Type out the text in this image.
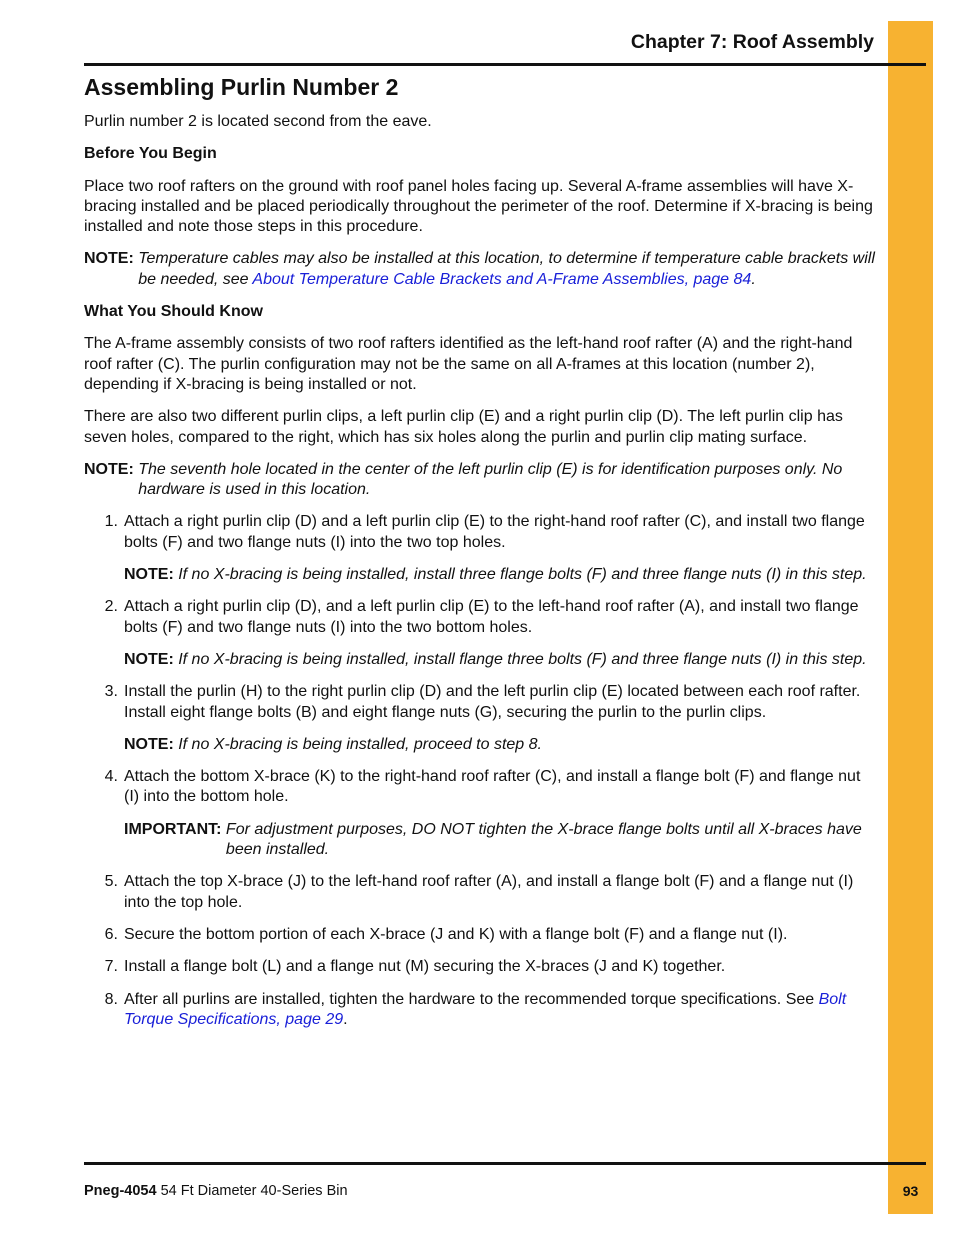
Chapter 7: Roof Assembly
Assembling Purlin Number 2

Purlin number 2 is located second from the eave.

Before You Begin

Place two roof rafters on the ground with roof panel holes facing up. Several A-frame assemblies will have X-bracing installed and be placed periodically throughout the perimeter of the roof. Determine if X-bracing is being installed and note those steps in this procedure.

NOTE: Temperature cables may also be installed at this location, to determine if temperature cable brackets will be needed, see About Temperature Cable Brackets and A-Frame Assemblies, page 84.
What You Should Know

The A-frame assembly consists of two roof rafters identified as the left-hand roof rafter (A) and the right-hand roof rafter (C). The purlin configuration may not be the same on all A-frames at this location (number 2), depending if X-bracing is being installed or not.

There are also two different purlin clips, a left purlin clip (E) and a right purlin clip (D). The left purlin clip has seven holes, compared to the right, which has six holes along the purlin and purlin clip mating surface.

NOTE: The seventh hole located in the center of the left purlin clip (E) is for identification purposes only. No hardware is used in this location.
1. Attach a right purlin clip (D) and a left purlin clip (E) to the right-hand roof rafter (C), and install two flange bolts (F) and two flange nuts (I) into the two top holes.
NOTE: If no X-bracing is being installed, install three flange bolts (F) and three flange nuts (I) in this step.
2. Attach a right purlin clip (D), and a left purlin clip (E) to the left-hand roof rafter (A), and install two flange bolts (F) and two flange nuts (I) into the two bottom holes.
NOTE: If no X-bracing is being installed, install flange three bolts (F) and three flange nuts (I) in this step.
3. Install the purlin (H) to the right purlin clip (D) and the left purlin clip (E) located between each roof rafter. Install eight flange bolts (B) and eight flange nuts (G), securing the purlin to the purlin clips.
NOTE: If no X-bracing is being installed, proceed to step 8.
4. Attach the bottom X-brace (K) to the right-hand roof rafter (C), and install a flange bolt (F) and flange nut (I) into the bottom hole.
IMPORTANT: For adjustment purposes, DO NOT tighten the X-brace flange bolts until all X-braces have been installed.
5. Attach the top X-brace (J) to the left-hand roof rafter (A), and install a flange bolt (F) and a flange nut (I) into the top hole.
6. Secure the bottom portion of each X-brace (J and K) with a flange bolt (F) and a flange nut (I).
7. Install a flange bolt (L) and a flange nut (M) securing the X-braces (J and K) together.
8. After all purlins are installed, tighten the hardware to the recommended torque specifications. See Bolt Torque Specifications, page 29.
Pneg-4054 54 Ft Diameter 40-Series Bin	93
